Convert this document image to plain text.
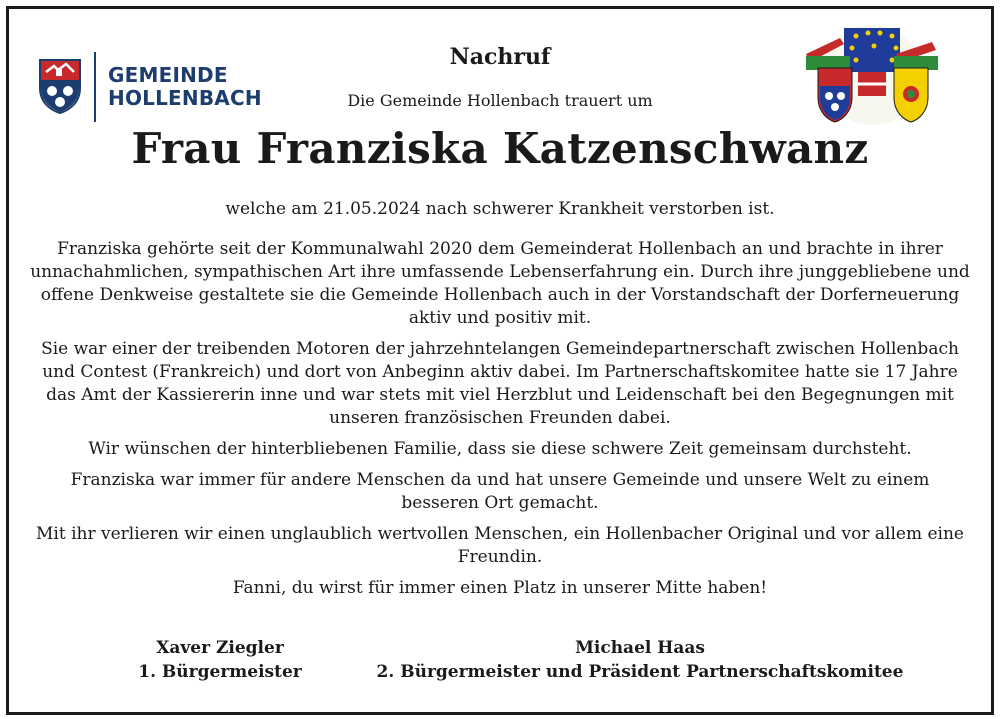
GEMEINDE
HOLLENBACH
Nachruf
Die Gemeinde Hollenbach trauert um
Frau Franziska Katzenschwanz
welche am 21.05.2024 nach schwerer Krankheit verstorben ist.

Franziska gehörte seit der Kommunalwahl 2020 dem Gemeinderat Hollenbach an und brachte in ihrer unnachahmlichen, sympathischen Art ihre umfassende Lebenserfahrung ein. Durch ihre junggebliebene und offene Denkweise gestaltete sie die Gemeinde Hollenbach auch in der Vorstandschaft der Dorferneuerung aktiv und positiv mit.

Sie war einer der treibenden Motoren der jahrzehntelangen Gemeindepartnerschaft zwischen Hollenbach und Contest (Frankreich) und dort von Anbeginn aktiv dabei. Im Partnerschaftskomitee hatte sie 17 Jahre das Amt der Kassiererin inne und war stets mit viel Herzblut und Leidenschaft bei den Begegnungen mit unseren französischen Freunden dabei.

Wir wünschen der hinterbliebenen Familie, dass sie diese schwere Zeit gemeinsam durchsteht.

Franziska war immer für andere Menschen da und hat unsere Gemeinde und unsere Welt zu einem besseren Ort gemacht.

Mit ihr verlieren wir einen unglaublich wertvollen Menschen, ein Hollenbacher Original und vor allem eine Freundin.

Fanni, du wirst für immer einen Platz in unserer Mitte haben!

Xaver Ziegler
1. Bürgermeister
Michael Haas
2. Bürgermeister und Präsident Partnerschaftskomitee
